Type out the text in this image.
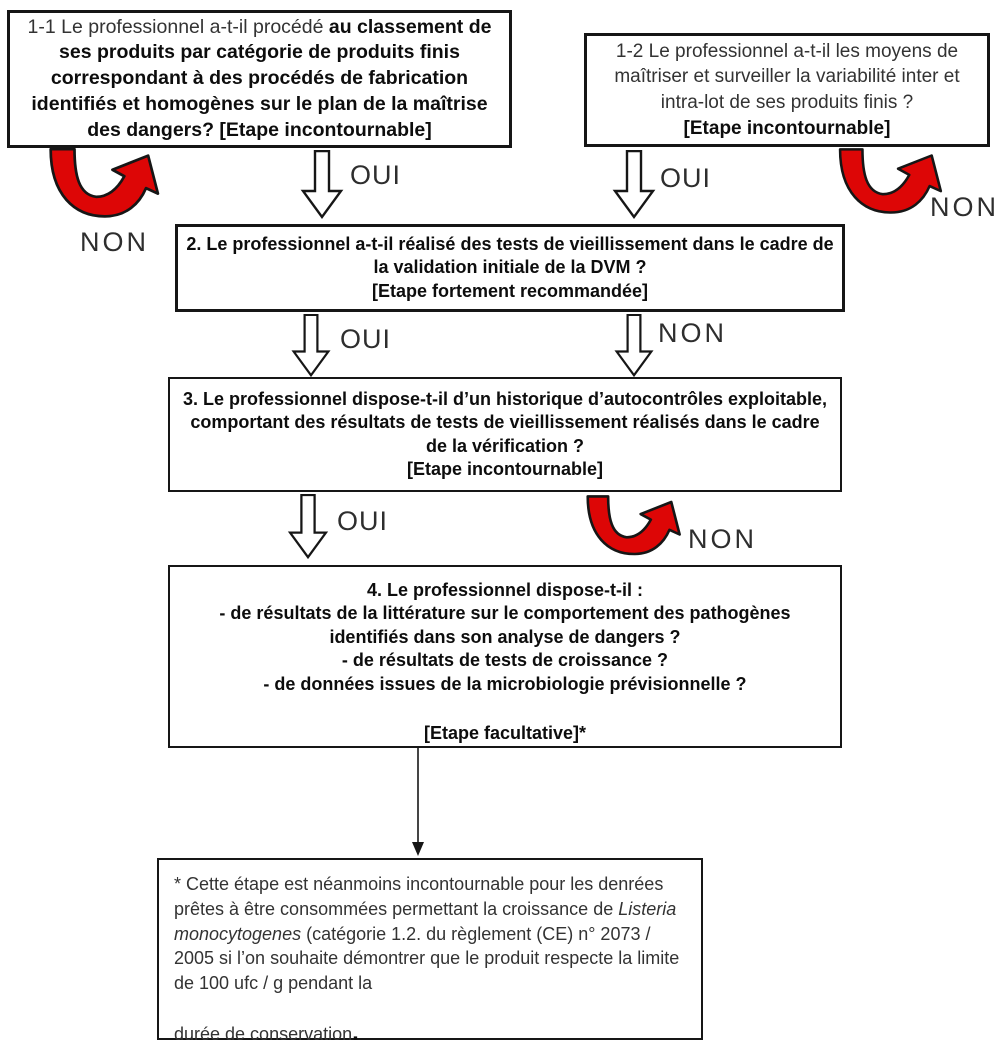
1-1 Le professionnel a-t-il procédé au classement de ses produits par catégorie de produits finis correspondant à des procédés de fabrication identifiés et homogènes sur le plan de la maîtrise des dangers? [Etape incontournable]
1-2 Le professionnel a-t-il les moyens de maîtriser et surveiller la variabilité inter et intra-lot de ses produits finis ?
[Etape incontournable]
2. Le professionnel a-t-il réalisé des tests de vieillissement dans le cadre de la validation initiale de la DVM ?
[Etape fortement recommandée]
3. Le professionnel dispose-t-il d’un historique d’autocontrôles exploitable, comportant des résultats de tests de vieillissement réalisés dans le cadre de la vérification ?
[Etape incontournable]
4. Le professionnel dispose-t-il :
- de résultats de la littérature sur le comportement des pathogènes identifiés dans son analyse de dangers ?
- de résultats de tests de croissance ?
- de données issues de la microbiologie prévisionnelle ?
[Etape facultative]*

* Cette étape est néanmoins incontournable pour les denrées prêtes à être consommées permettant la croissance de Listeria monocytogenes (catégorie 1.2. du règlement (CE) n° 2073 / 2005 si l’on souhaite démontrer que le produit respecte la limite de 100 ufc / g pendant la

durée de conservation.

OUI	OUI
OUI	NON
OUI
NON
NON
NON
